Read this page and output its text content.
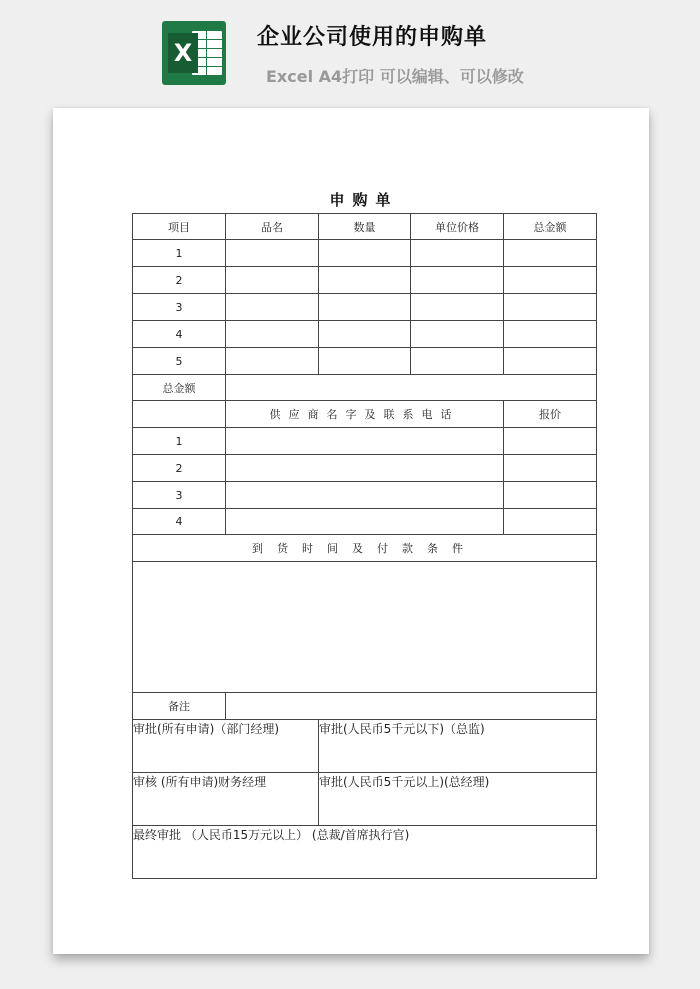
X
企业公司使用的申购单
Excel A4打印 可以编辑、可以修改
申购单
项目	品名	数量	单位价格	总金额
1				
2				
3				
4				
5				
总金额				
	供应商名字及联系电话			报价
1				
2				
3				
4				
到货时间及付款条件				

备注				
审批(所有申请)（部门经理)		审批(人民币5千元以下)（总监)		
审核 (所有申请)财务经理		审批(人民币5千元以上)(总经理)		
最终审批 （人民币15万元以上） (总裁/首席执行官)				
